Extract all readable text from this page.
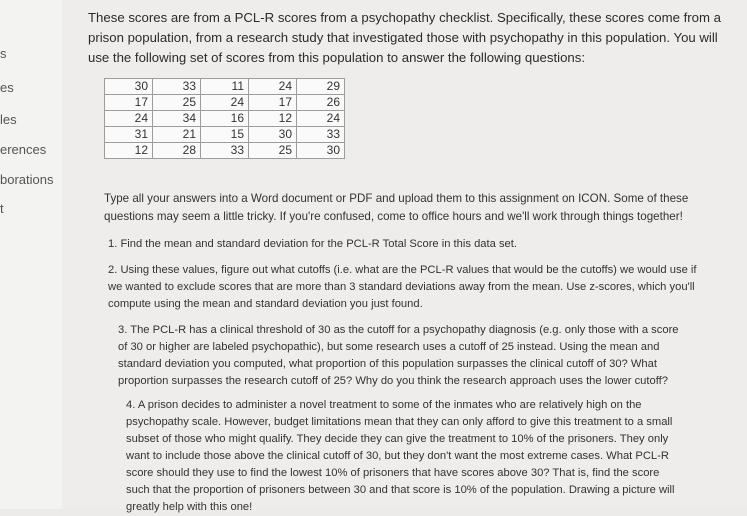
s
es
les
erences
borations
t
These scores are from a PCL-R scores from a psychopathy checklist. Specifically, these scores come from a prison population, from a research study that investigated those with psychopathy in this population. You will use the following set of scores from this population to answer the following questions:
30	33	11	24	29
17	25	24	17	26
24	34	16	12	24
31	21	15	30	33
12	28	33	25	30
Type all your answers into a Word document or PDF and upload them to this assignment on ICON. Some of these questions may seem a little tricky. If you're confused, come to office hours and we'll work through things together!
1. Find the mean and standard deviation for the PCL-R Total Score in this data set.
2. Using these values, figure out what cutoffs (i.e. what are the PCL-R values that would be the cutoffs) we would use if we wanted to exclude scores that are more than 3 standard deviations away from the mean. Use z-scores, which you'll compute using the mean and standard deviation you just found.
3. The PCL-R has a clinical threshold of 30 as the cutoff for a psychopathy diagnosis (e.g. only those with a score of 30 or higher are labeled psychopathic), but some research uses a cutoff of 25 instead. Using the mean and standard deviation you computed, what proportion of this population surpasses the clinical cutoff of 30? What proportion surpasses the research cutoff of 25? Why do you think the research approach uses the lower cutoff?
4. A prison decides to administer a novel treatment to some of the inmates who are relatively high on the psychopathy scale. However, budget limitations mean that they can only afford to give this treatment to a small subset of those who might qualify. They decide they can give the treatment to 10% of the prisoners. They only want to include those above the clinical cutoff of 30, but they don't want the most extreme cases. What PCL-R score should they use to find the lowest 10% of prisoners that have scores above 30? That is, find the score such that the proportion of prisoners between 30 and that score is 10% of the population. Drawing a picture will greatly help with this one!
